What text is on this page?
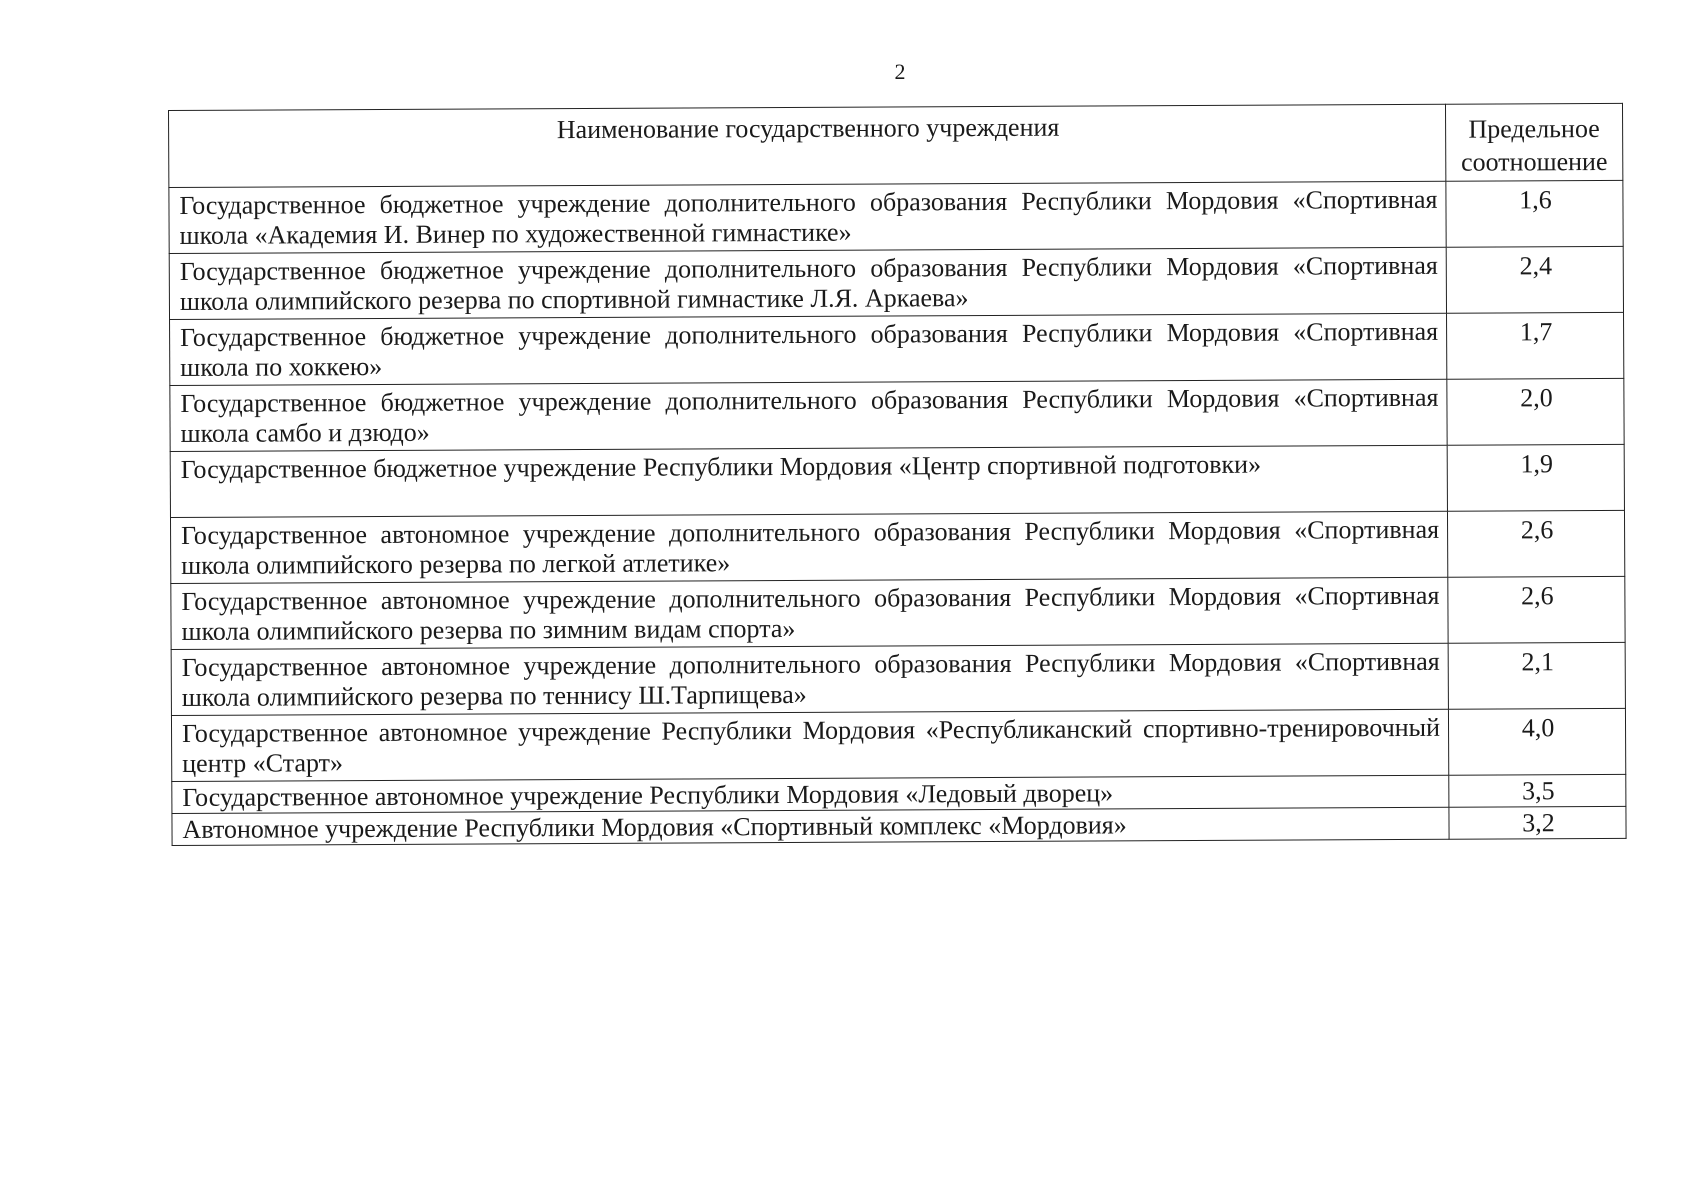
2
Наименование государственного учреждения	Предельное соотношение
Государственное бюджетное учреждение дополнительного образования Республики Мордовия «Спортивная школа «Академия И. Винер по художественной гимнастике»	1,6
Государственное бюджетное учреждение дополнительного образования Республики Мордовия «Спортивная школа олимпийского резерва по спортивной гимнастике Л.Я. Аркаева»	2,4
Государственное бюджетное учреждение дополнительного образования Республики Мордовия «Спортивная школа по хоккею»	1,7
Государственное бюджетное учреждение дополнительного образования Республики Мордовия «Спортивная школа самбо и дзюдо»	2,0
Государственное бюджетное учреждение Республики Мордовия «Центр спортивной подготовки»	1,9
Государственное автономное учреждение дополнительного образования Республики Мордовия «Спортивная школа олимпийского резерва по легкой атлетике»	2,6
Государственное автономное учреждение дополнительного образования Республики Мордовия «Спортивная школа олимпийского резерва по зимним видам спорта»	2,6
Государственное автономное учреждение дополнительного образования Республики Мордовия «Спортивная школа олимпийского резерва по теннису Ш.Тарпищева»	2,1
Государственное автономное учреждение Республики Мордовия «Республиканский спортивно-тренировочный центр «Старт»	4,0
Государственное автономное учреждение Республики Мордовия «Ледовый дворец»	3,5
Автономное учреждение Республики Мордовия «Спортивный комплекс «Мордовия»	3,2
